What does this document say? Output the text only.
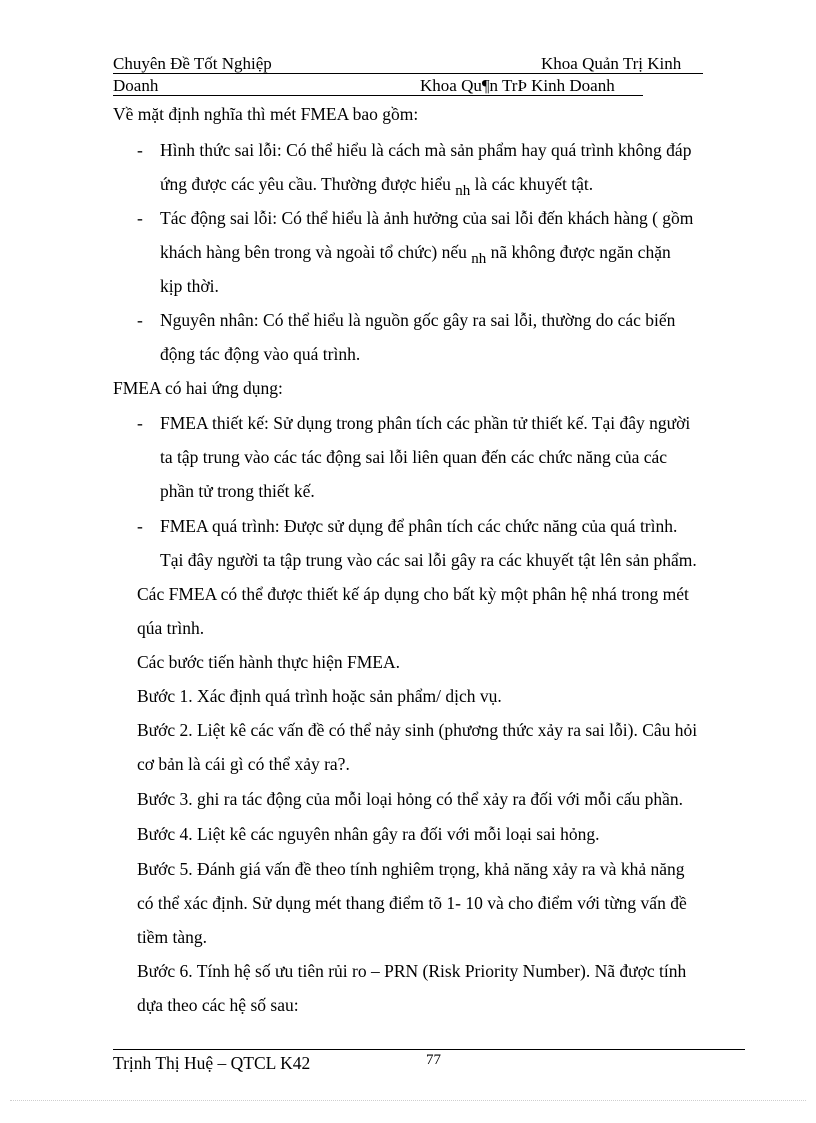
Chuyên Đề Tốt Nghiệp	Khoa Quản Trị Kinh
Doanh	Khoa Qu¶n TrÞ Kinh Doanh
Về mặt định nghĩa thì mét FMEA bao gồm:
- Hình thức sai lỗi: Có thể hiểu là cách mà sản phẩm hay quá trình không đáp
ứng được các yêu cầu. Thường được hiểu nh là các khuyết tật.
- Tác động sai lỗi: Có thể hiểu là ảnh hưởng của sai lỗi đến khách hàng ( gồm
khách hàng bên trong và ngoài tổ chức) nếu nh nã không được ngăn chặn
kịp thời.
- Nguyên nhân: Có thể hiểu là nguồn gốc gây ra sai lỗi, thường do các biến
động tác động vào quá trình.
FMEA có hai ứng dụng:
- FMEA thiết kế: Sử dụng trong phân tích các phần tử thiết kế. Tại đây người
ta tập trung vào các tác động sai lỗi liên quan đến các chức năng của các
phần tử trong thiết kế.
- FMEA quá trình: Được sử dụng để phân tích các chức năng của quá trình.
Tại đây người ta tập trung vào các sai lỗi gây ra các khuyết tật lên sản phẩm.
Các FMEA có thể được thiết kế áp dụng cho bất kỳ một phân hệ nhá trong mét
qúa trình.
Các bước tiến hành thực hiện FMEA.
Bước 1. Xác định quá trình hoặc sản phẩm/ dịch vụ.
Bước 2. Liệt kê các vấn đề có thể nảy sinh (phương thức xảy ra sai lỗi). Câu hỏi
cơ bản là cái gì có thể xảy ra?.
Bước 3. ghi ra tác động của mỗi loại hỏng có thể xảy ra đối với mỗi cấu phần.
Bước 4. Liệt kê các nguyên nhân gây ra đối với mỗi loại sai hỏng.
Bước 5. Đánh giá vấn đề theo tính nghiêm trọng, khả năng xảy ra và khả năng
có thể xác định. Sử dụng mét thang điểm tõ 1- 10 và cho điểm với từng vấn đề
tiềm tàng.
Bước 6. Tính hệ số ưu tiên rủi ro – PRN (Risk Priority Number). Nã được tính
dựa theo các hệ số sau:
Trịnh Thị Huệ – QTCL K42	77
